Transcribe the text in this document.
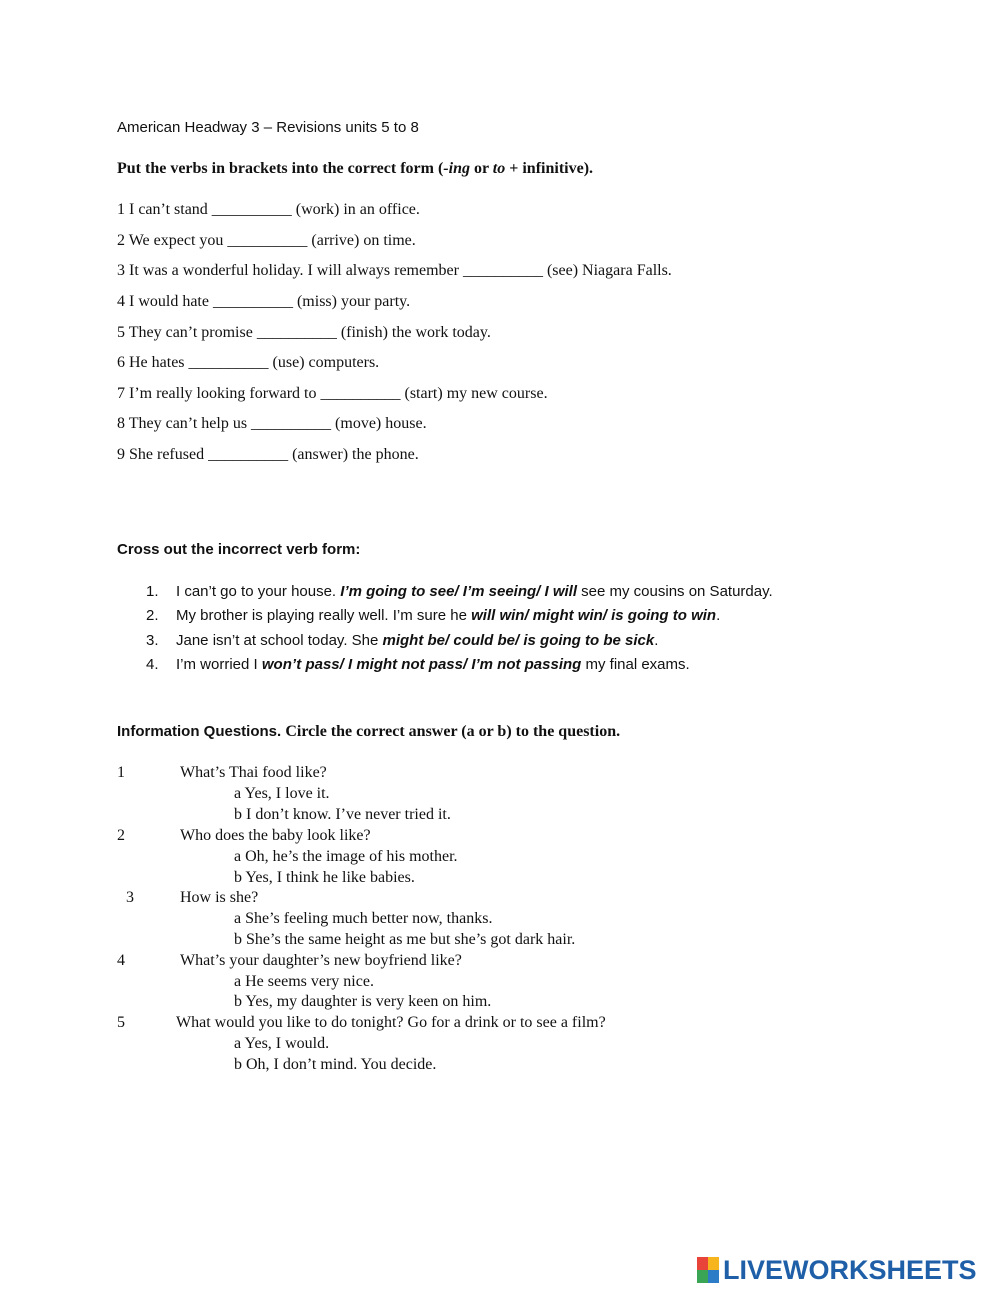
American Headway 3 – Revisions units 5 to 8
Put the verbs in brackets into the correct form (-ing or to + infinitive).
1 I can’t stand __________ (work) in an office.
2 We expect you __________ (arrive) on time.
3 It was a wonderful holiday. I will always remember __________ (see) Niagara Falls.
4 I would hate __________ (miss) your party.
5 They can’t promise __________ (finish) the work today.
6 He hates __________ (use) computers.
7 I’m really looking forward to __________ (start) my new course.
8 They can’t help us __________ (move) house.
9 She refused __________ (answer) the phone.
Cross out the incorrect verb form:
1. I can’t go to your house. I’m going to see/ I’m seeing/ I will see my cousins on Saturday.
2. My brother is playing really well. I’m sure he will win/ might win/ is going to win.
3. Jane isn’t at school today. She might be/ could be/ is going to be sick.
4. I’m worried I won’t pass/ I might not pass/ I’m not passing my final exams.
Information Questions. Circle the correct answer (a or b) to the question.
1	What’s Thai food like?
a Yes, I love it.
b I don’t know. I’ve never tried it.
2	Who does the baby look like?
a Oh, he’s the image of his mother.
b Yes, I think he like babies.
3	How is she?
a She’s feeling much better now, thanks.
b She’s the same height as me but she’s got dark hair.
4	What’s your daughter’s new boyfriend like?
a He seems very nice.
b Yes, my daughter is very keen on him.
5	What would you like to do tonight? Go for a drink or to see a film?
a Yes, I would.
b Oh, I don’t mind. You decide.
LIVEWORKSHEETS
